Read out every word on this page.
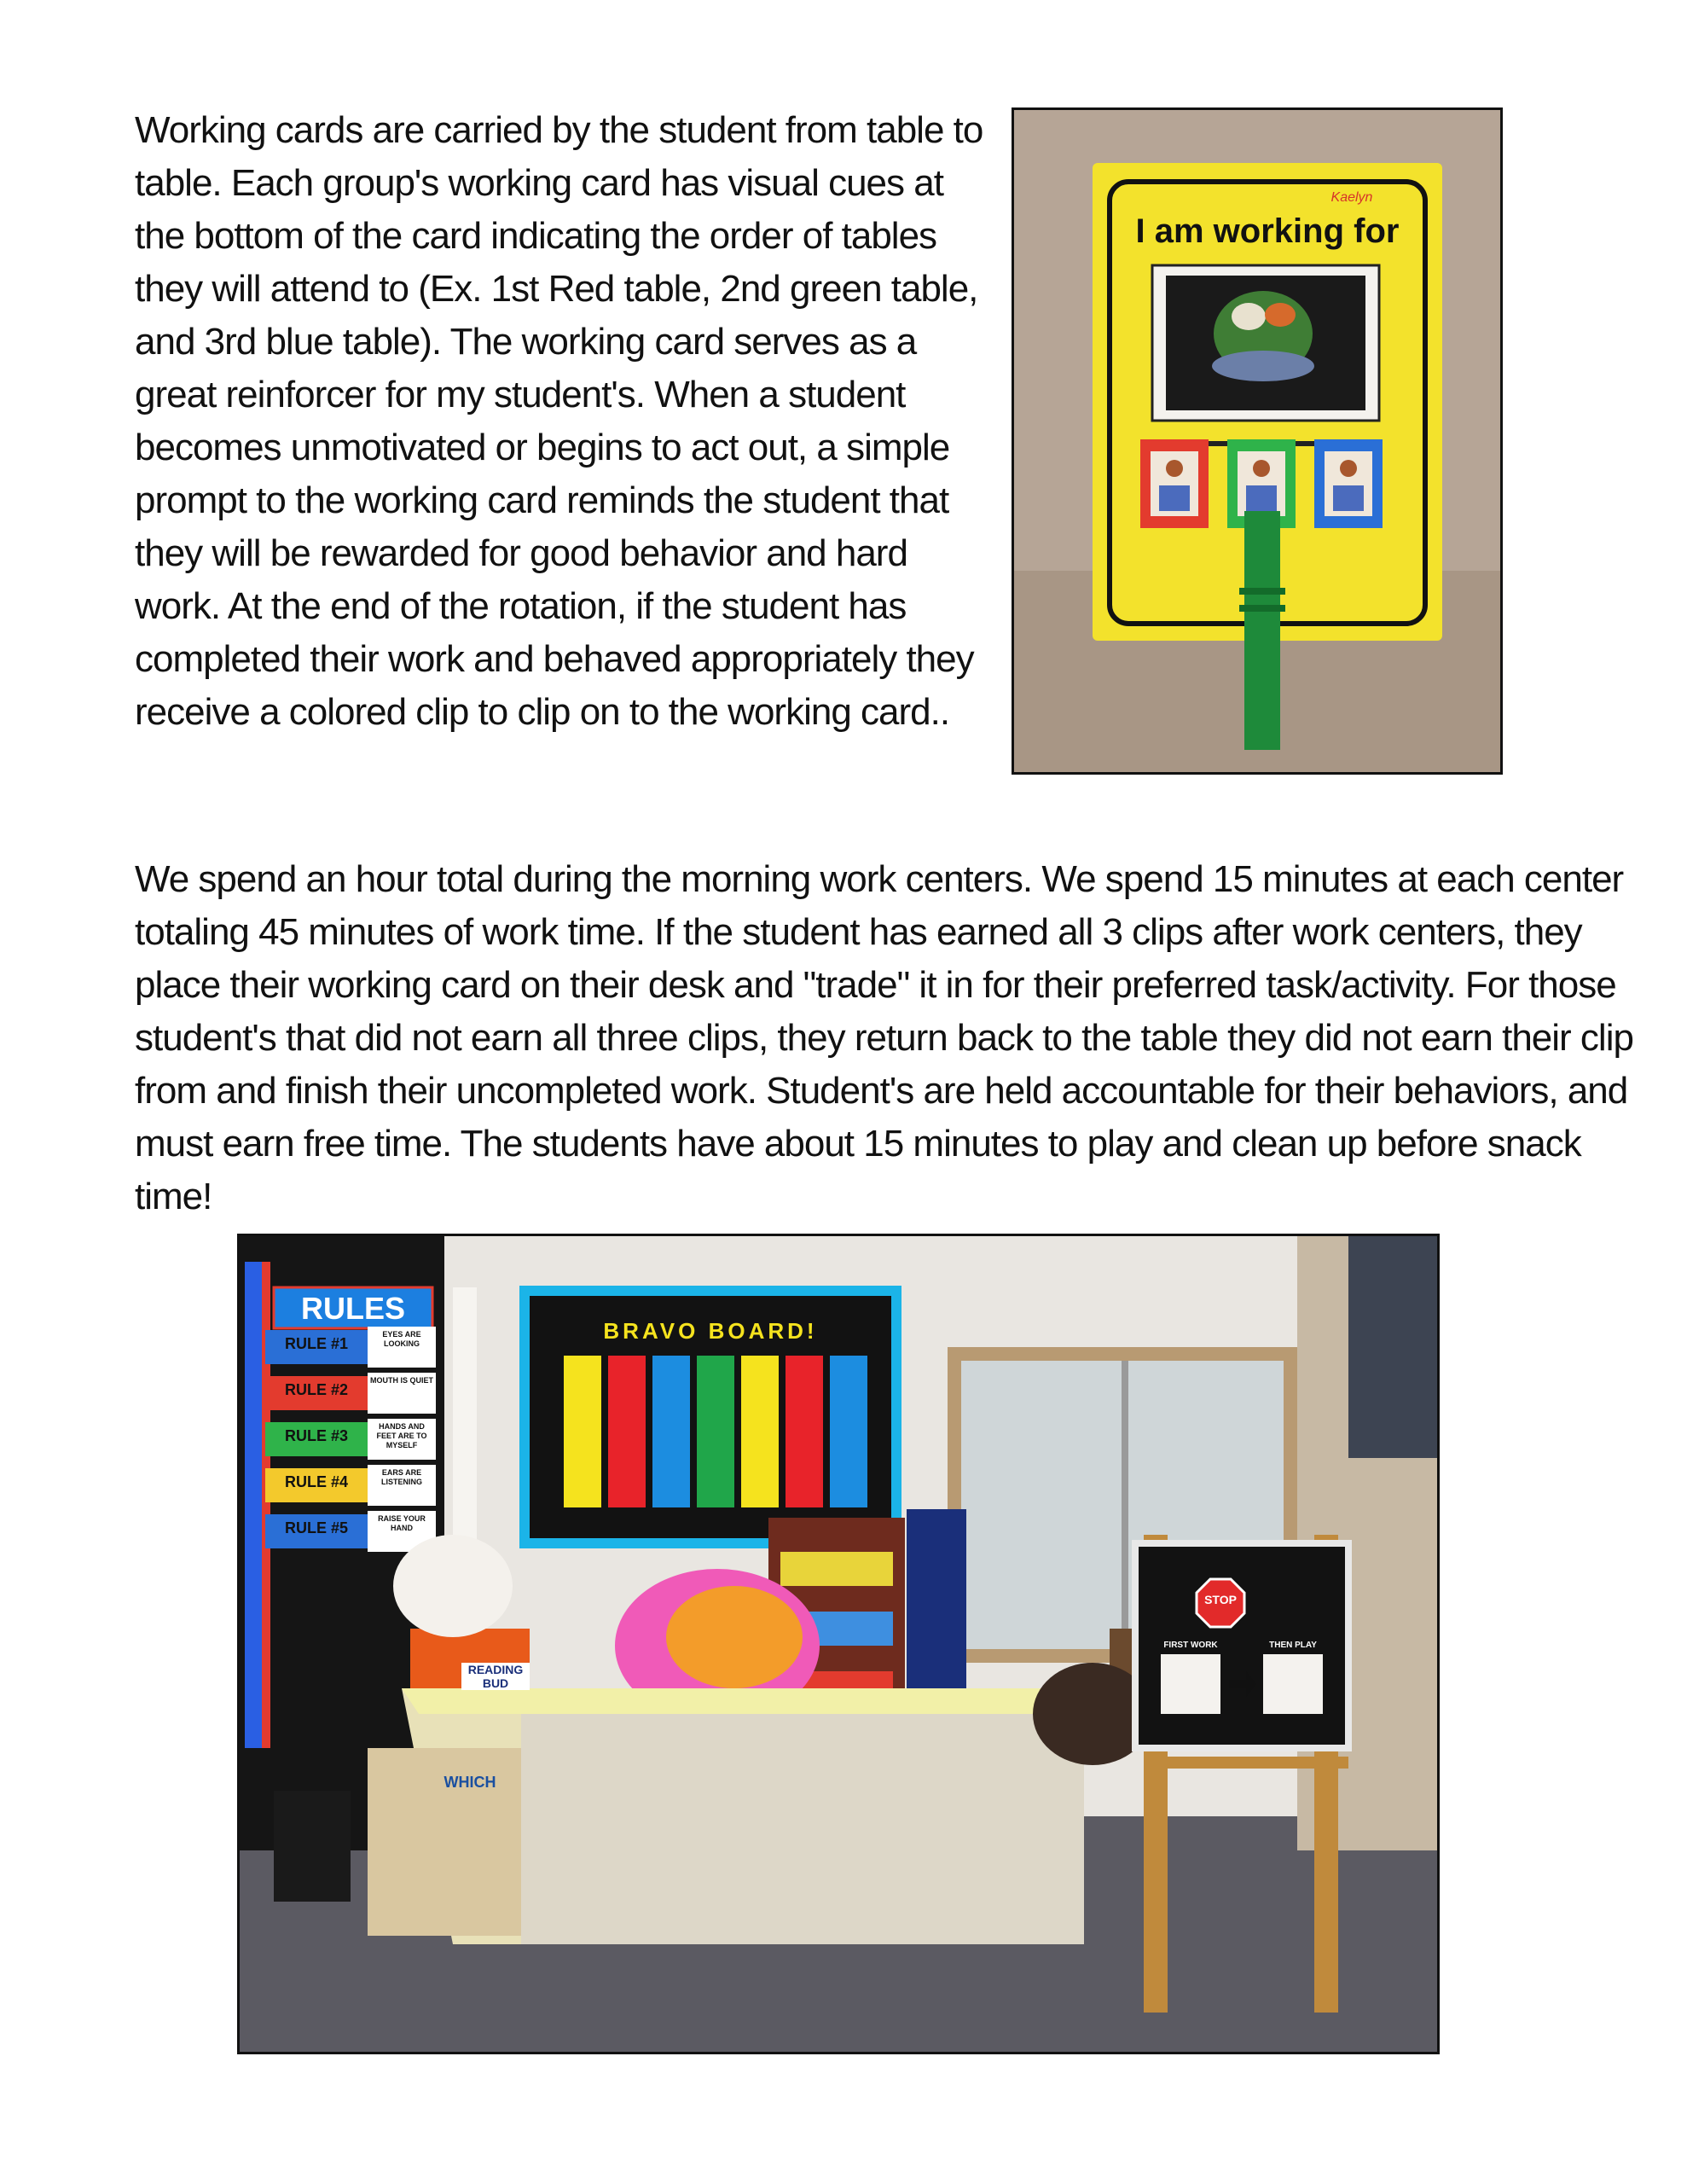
Working cards are carried by the student from table to table. Each group's working card has visual cues at the bottom of the card indicating the order of tables they will attend to (Ex. 1st Red table, 2nd green table, and 3rd blue table). The working card serves as a great reinforcer for my student's. When a student becomes unmotivated or begins to act out, a simple prompt to the working card reminds the student that they will be rewarded for good behavior and hard work. At the end of the rotation, if the student has completed their work and behaved appropriately they receive a colored clip to clip on to the working card..

We spend an hour total during the morning work centers. We spend 15 minutes at each center totaling 45 minutes of work time. If the student has earned all 3 clips after work centers, they place their working card on their desk and "trade" it in for their preferred task/activity. For those student's that did not earn all three clips, they return back to the table they did not earn their clip from and finish their uncompleted work. Student's are held accountable for their behaviors, and must earn free time. The students have about 15 minutes to play and clean up before snack time!

Kaelyn
I am working for
RULES
RULE #1
EYES ARE LOOKING
RULE #2
MOUTH IS QUIET
RULE #3
HANDS AND FEET ARE TO MYSELF
RULE #4
EARS ARE LISTENING
RULE #5
RAISE YOUR HAND
BRAVO BOARD!
READING BUD
STOP
FIRST WORK	THEN PLAY
WHICH
